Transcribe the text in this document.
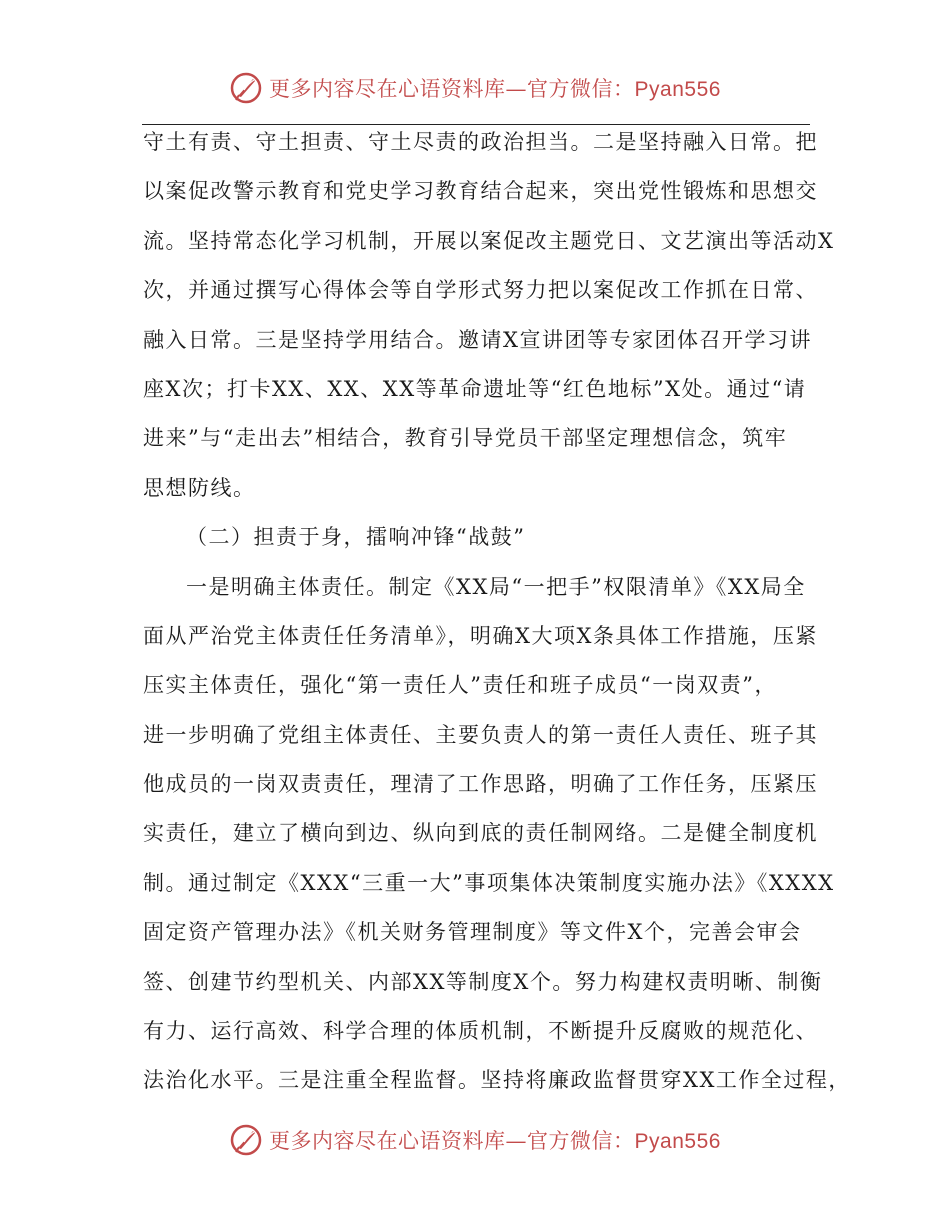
更多内容尽在心语资料库—官方微信： Pyan556
守土有责、守土担责、守土尽责的政治担当。二是坚持融入日常。把
以案促改警示教育和党史学习教育结合起来，突出党性锻炼和思想交
流。坚持常态化学习机制，开展以案促改主题党日、文艺演出等活动X
次，并通过撰写心得体会等自学形式努力把以案促改工作抓在日常、
融入日常。三是坚持学用结合。邀请X宣讲团等专家团体召开学习讲
座X次；打卡XX、XX、XX等革命遗址等“红色地标”X处。通过“请
进来”与“走出去”相结合，教育引导党员干部坚定理想信念，筑牢
思想防线。
（二）担责于身，擂响冲锋“战鼓”
一是明确主体责任。制定《XX局“一把手”权限清单》《XX局全
面从严治党主体责任任务清单》，明确X大项X条具体工作措施，压紧
压实主体责任，强化“第一责任人”责任和班子成员“一岗双责”，
进一步明确了党组主体责任、主要负责人的第一责任人责任、班子其
他成员的一岗双责责任，理清了工作思路，明确了工作任务，压紧压
实责任，建立了横向到边、纵向到底的责任制网络。二是健全制度机
制。通过制定《XXX“三重一大”事项集体决策制度实施办法》《XXXX
固定资产管理办法》《机关财务管理制度》等文件X个，完善会审会
签、创建节约型机关、内部XX等制度X个。努力构建权责明晰、制衡
有力、运行高效、科学合理的体质机制，不断提升反腐败的规范化、
法治化水平。三是注重全程监督。坚持将廉政监督贯穿XX工作全过程，
更多内容尽在心语资料库—官方微信： Pyan556
